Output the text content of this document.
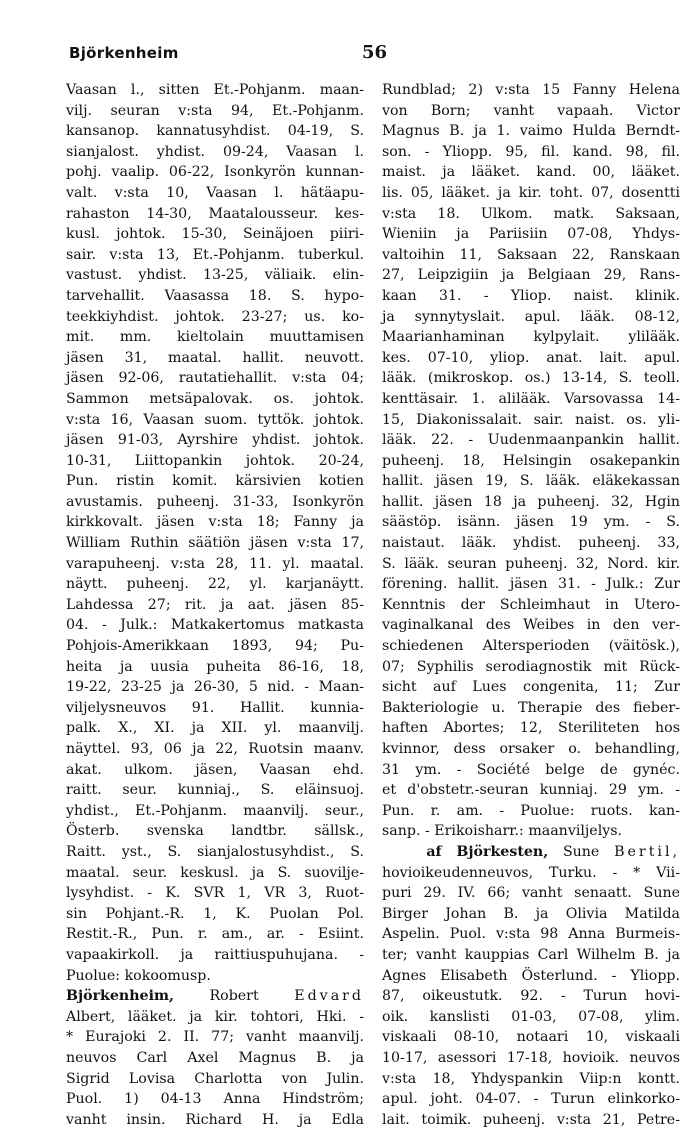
Björkenheim	56
Vaasan l., sitten Et.-Pohjanm. maan-
vilj. seuran v:sta 94, Et.-Pohjanm.
kansanop. kannatusyhdist. 04-19, S.
sianjalost. yhdist. 09-24, Vaasan l.
pohj. vaalip. 06-22, Isonkyrön kunnan-
valt. v:sta 10, Vaasan l. hätäapu-
rahaston 14-30, Maatalousseur. kes-
kusl. johtok. 15-30, Seinäjoen piiri-
sair. v:sta 13, Et.-Pohjanm. tuberkul.
vastust. yhdist. 13-25, väliaik. elin-
tarvehallit. Vaasassa 18. S. hypo-
teekkiyhdist. johtok. 23-27; us. ko-
mit. mm. kieltolain muuttamisen
jäsen 31, maatal. hallit. neuvott.
jäsen 92-06, rautatiehallit. v:sta 04;
Sammon metsäpalovak. os. johtok.
v:sta 16, Vaasan suom. tyttök. johtok.
jäsen 91-03, Ayrshire yhdist. johtok.
10-31, Liittopankin johtok. 20-24,
Pun. ristin komit. kärsivien kotien
avustamis. puheenj. 31-33, Isonkyrön
kirkkovalt. jäsen v:sta 18; Fanny ja
William Ruthin säätiön jäsen v:sta 17,
varapuheenj. v:sta 28, 11. yl. maatal.
näytt. puheenj. 22, yl. karjanäytt.
Lahdessa 27; rit. ja aat. jäsen 85-
04. - Julk.: Matkakertomus matkasta
Pohjois-Amerikkaan 1893, 94; Pu-
heita ja uusia puheita 86-16, 18,
19-22, 23-25 ja 26-30, 5 nid. - Maan-
viljelysneuvos 91. Hallit. kunnia-
palk. X., XI. ja XII. yl. maanvilj.
näyttel. 93, 06 ja 22, Ruotsin maanv.
akat. ulkom. jäsen, Vaasan ehd.
raitt. seur. kunniaj., S. eläinsuoj.
yhdist., Et.-Pohjanm. maanvilj. seur.,
Österb. svenska landtbr. sällsk.,
Raitt. yst., S. sianjalostusyhdist., S.
maatal. seur. keskusl. ja S. suovilje-
lysyhdist. - K. SVR 1, VR 3, Ruot-
sin Pohjant.-R. 1, K. Puolan Pol.
Restit.-R., Pun. r. am., ar. - Esiint.
vapaakirkoll. ja raittiuspuhujana. -
Puolue: kokoomusp.
Björkenheim,	Robert	Edvard
Albert, lääket. ja kir. tohtori, Hki. -
* Eurajoki 2. II. 77; vanht maanvilj.
neuvos Carl Axel Magnus B. ja
Sigrid Lovisa Charlotta von Julin.
Puol. 1) 04-13 Anna Hindström;
vanht insin. Richard H. ja Edla
Rundblad; 2) v:sta 15 Fanny Helena
von Born; vanht vapaah. Victor
Magnus B. ja 1. vaimo Hulda Berndt-
son. - Yliopp. 95, fil. kand. 98, fil.
maist. ja lääket. kand. 00, lääket.
lis. 05, lääket. ja kir. toht. 07, dosentti
v:sta 18. Ulkom. matk. Saksaan,
Wieniin ja Pariisiin 07-08, Yhdys-
valtoihin 11, Saksaan 22, Ranskaan
27, Leipzigiin ja Belgiaan 29, Rans-
kaan 31. - Yliop. naist. klinik.
ja synnytyslait. apul. lääk. 08-12,
Maarianhaminan kylpylait. ylilääk.
kes. 07-10, yliop. anat. lait. apul.
lääk. (mikroskop. os.) 13-14, S. teoll.
kenttäsair. 1. alilääk. Varsovassa 14-
15, Diakonissalait. sair. naist. os. yli-
lääk. 22. - Uudenmaanpankin hallit.
puheenj. 18, Helsingin osakepankin
hallit. jäsen 19, S. lääk. eläkekassan
hallit. jäsen 18 ja puheenj. 32, Hgin
säästöp. isänn. jäsen 19 ym. - S.
naistaut. lääk. yhdist. puheenj. 33,
S. lääk. seuran puheenj. 32, Nord. kir.
förening. hallit. jäsen 31. - Julk.: Zur
Kenntnis der Schleimhaut in Utero-
vaginalkanal des Weibes in den ver-
schiedenen Altersperioden (väitösk.),
07; Syphilis serodiagnostik mit Rück-
sicht auf Lues congenita, 11; Zur
Bakteriologie u. Therapie des fieber-
haften Abortes; 12, Steriliteten hos
kvinnor, dess orsaker o. behandling,
31 ym. - Société belge de gynéc.
et d'obstetr.-seuran kunniaj. 29 ym. -
Pun. r. am. - Puolue: ruots. kan-
sanp. - Erikoisharr.: maanviljelys.
af Björkesten, Sune Bertil,
hovioikeudenneuvos, Turku. - * Vii-
puri 29. IV. 66; vanht senaatt. Sune
Birger Johan B. ja Olivia Matilda
Aspelin. Puol. v:sta 98 Anna Burmeis-
ter; vanht kauppias Carl Wilhelm B. ja
Agnes Elisabeth Österlund. - Yliopp.
87, oikeustutk. 92. - Turun hovi-
oik. kanslisti 01-03, 07-08, ylim.
viskaali 08-10, notaari 10, viskaali
10-17, asessori 17-18, hovioik. neuvos
v:sta 18, Yhdyspankin Viip:n kontt.
apul. joht. 04-07. - Turun elinkorko-
lait. toimik. puheenj. v:sta 21, Petre-
